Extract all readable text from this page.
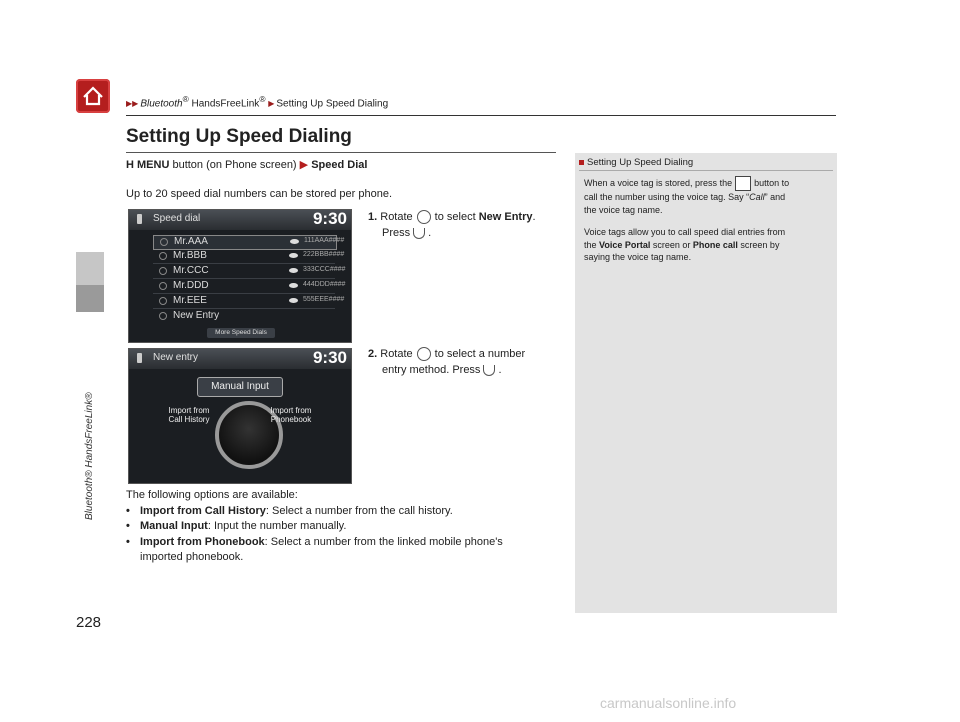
▶▶ Bluetooth® HandsFreeLink® ▶ Setting Up Speed Dialing
Bluetooth® HandsFreeLink®
228
Setting Up Speed Dialing
H MENU button (on Phone screen) ▶ Speed Dial
Up to 20 speed dial numbers can be stored per phone.
Speed dial	9:30
Mr.AAA	111AAA####
Mr.BBB	222BBB####
Mr.CCC	333CCC####
Mr.DDD	444DDD####
Mr.EEE	555EEE####
New Entry
More Speed Dials
1. Rotate to select New Entry.
Press .
New entry	9:30
Manual Input
Import from
Call History
Import from
Phonebook
2. Rotate to select a number
entry method. Press .
The following options are available:
• Import from Call History: Select a number from the call history.
• Manual Input: Input the number manually.
• Import from Phonebook: Select a number from the linked mobile phone's
imported phonebook.
Setting Up Speed Dialing

When a voice tag is stored, press the button to
call the number using the voice tag. Say “Call” and
the voice tag name.

Voice tags allow you to call speed dial entries from
the Voice Portal screen or Phone call screen by
saying the voice tag name.

carmanualsonline.info
